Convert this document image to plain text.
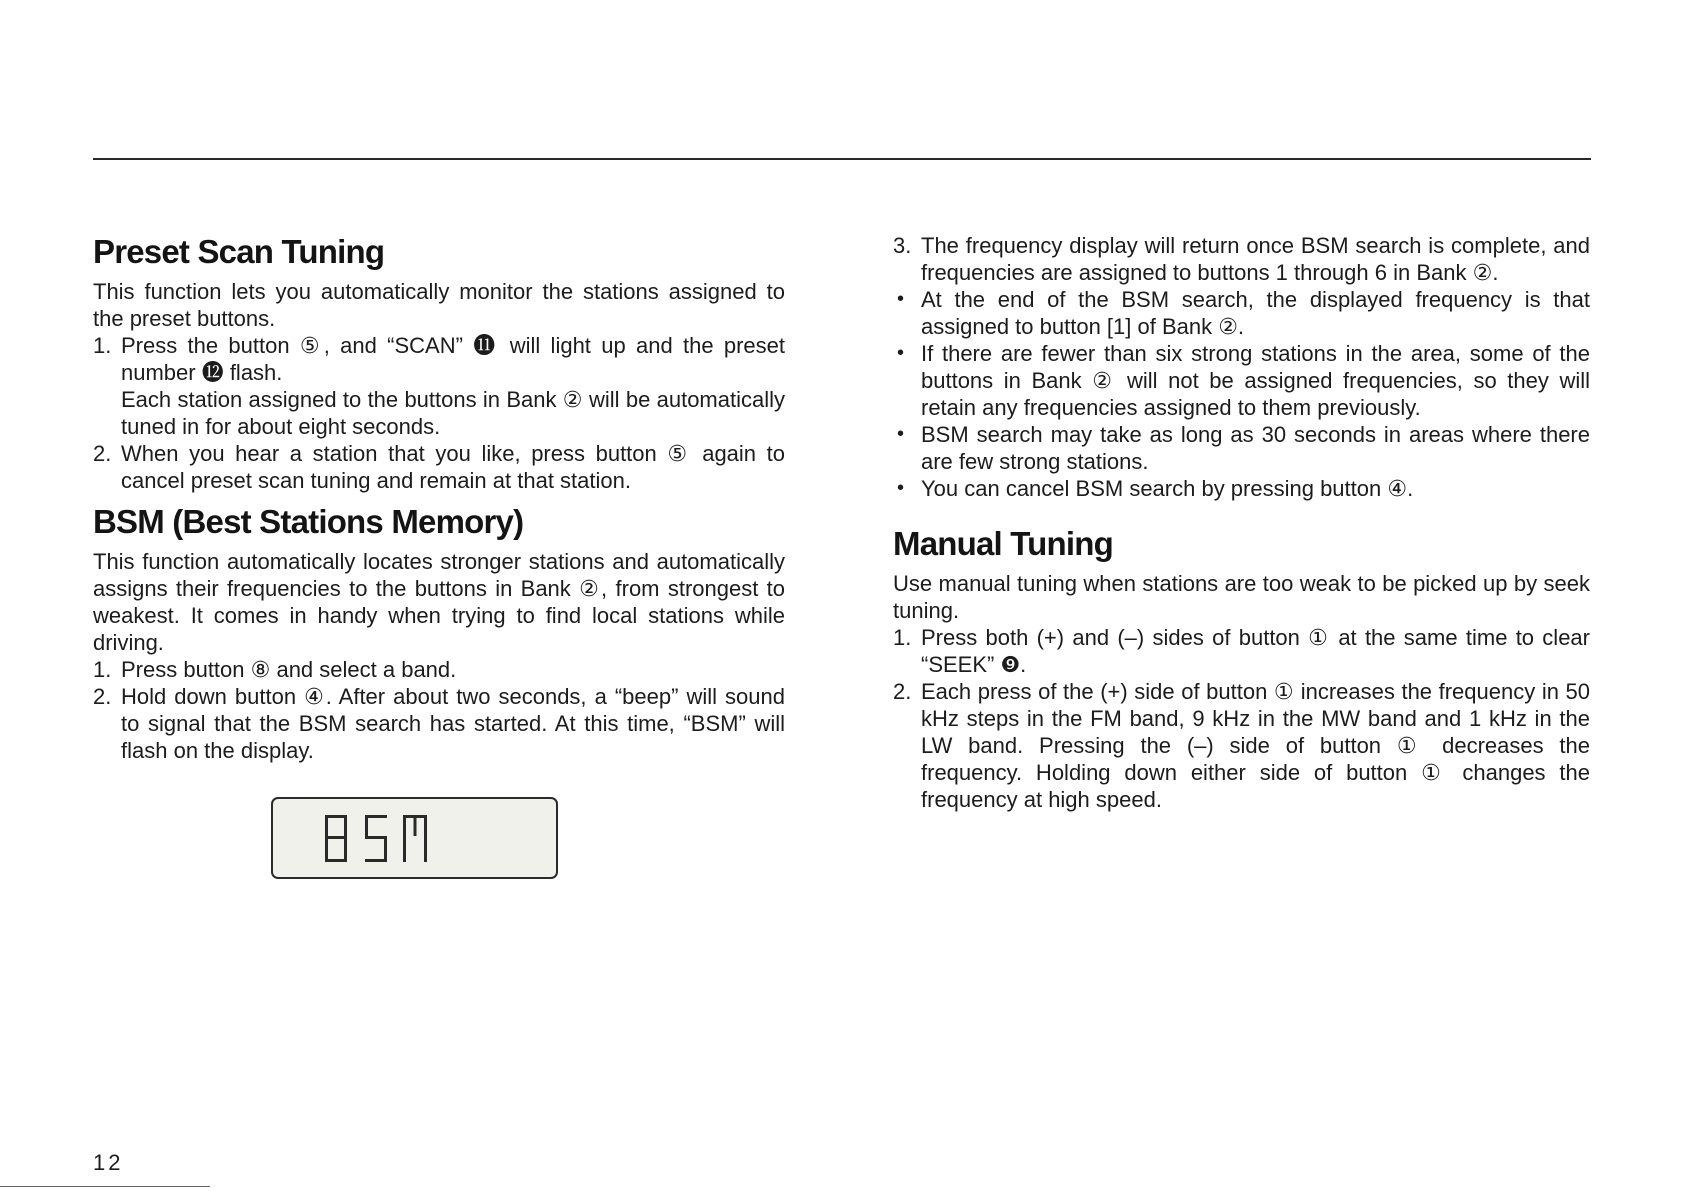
Preset Scan Tuning

This function lets you automatically monitor the stations assigned to the preset buttons.

1. Press the button ⑤, and “SCAN” ⓫ will light up and the preset number ⓬ flash.
Each station assigned to the buttons in Bank ② will be automatically tuned in for about eight seconds.
2. When you hear a station that you like, press button ⑤ again to cancel preset scan tuning and remain at that station.
BSM (Best Stations Memory)

This function automatically locates stronger stations and automatically assigns their frequencies to the buttons in Bank ②, from strongest to weakest. It comes in handy when trying to find local stations while driving.

1. Press button ⑧ and select a band.
2. Hold down button ④. After about two seconds, a “beep” will sound to signal that the BSM search has started. At this time, “BSM” will flash on the display.
3. The frequency display will return once BSM search is complete, and frequencies are assigned to buttons 1 through 6 in Bank ②.
• At the end of the BSM search, the displayed frequency is that assigned to button [1] of Bank ②.
• If there are fewer than six strong stations in the area, some of the buttons in Bank ② will not be assigned frequencies, so they will retain any frequencies assigned to them previously.
• BSM search may take as long as 30 seconds in areas where there are few strong stations.
• You can cancel BSM search by pressing button ④.
Manual Tuning

Use manual tuning when stations are too weak to be picked up by seek tuning.

1. Press both (+) and (–) sides of button ① at the same time to clear “SEEK” ❾.
2. Each press of the (+) side of button ① increases the frequency in 50 kHz steps in the FM band, 9 kHz in the MW band and 1 kHz in the LW band. Pressing the (–) side of button ① decreases the frequency. Holding down either side of button ① changes the frequency at high speed.
12
